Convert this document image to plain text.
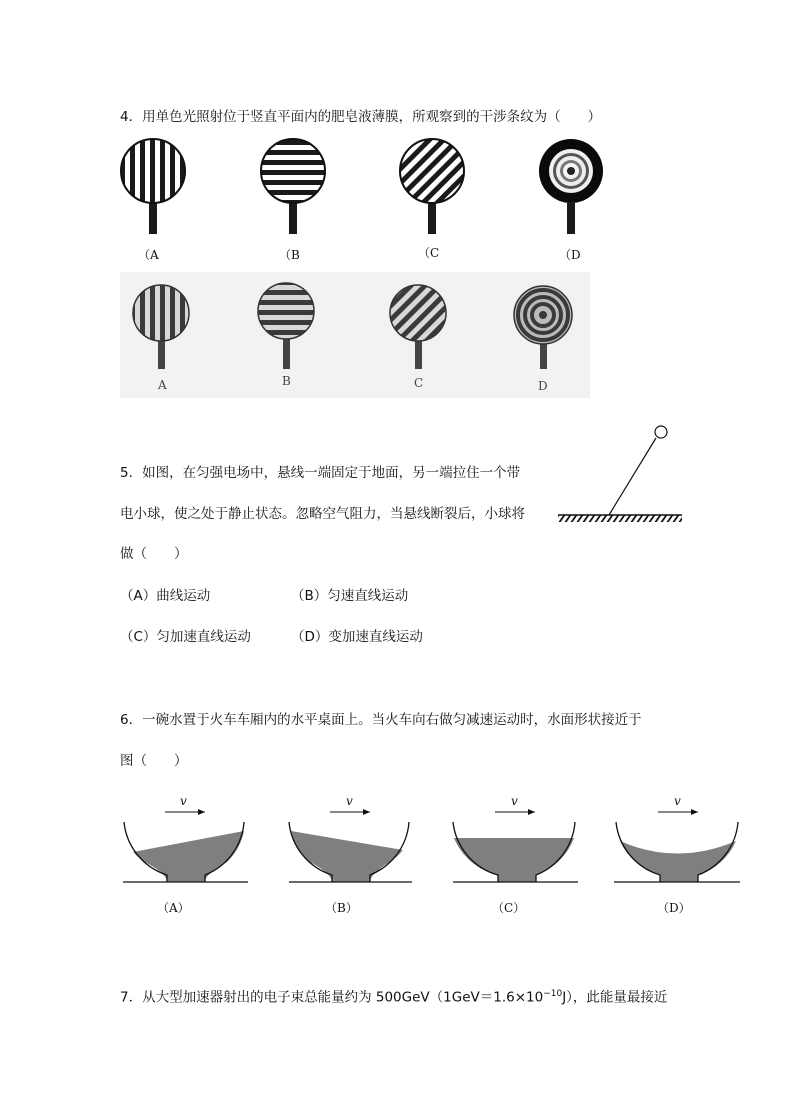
4．用单色光照射位于竖直平面内的肥皂液薄膜，所观察到的干涉条纹为（　　）
（A	（B	（C	（D
A	B	C	D
5．如图，在匀强电场中，悬线一端固定于地面，另一端拉住一个带
电小球，使之处于静止状态。忽略空气阻力，当悬线断裂后，小球将
做（　　）
（A）曲线运动	（B）匀速直线运动
（C）匀加速直线运动	（D）变加速直线运动
6．一碗水置于火车车厢内的水平桌面上。当火车向右做匀减速运动时，水面形状接近于
图（　　）
v	v	v	v
（A）	（B）	（C）	（D）
7．从大型加速器射出的电子束总能量约为 $500GeV(1GeV=1.6\times 10^{-10}J)$，此能量最接近
